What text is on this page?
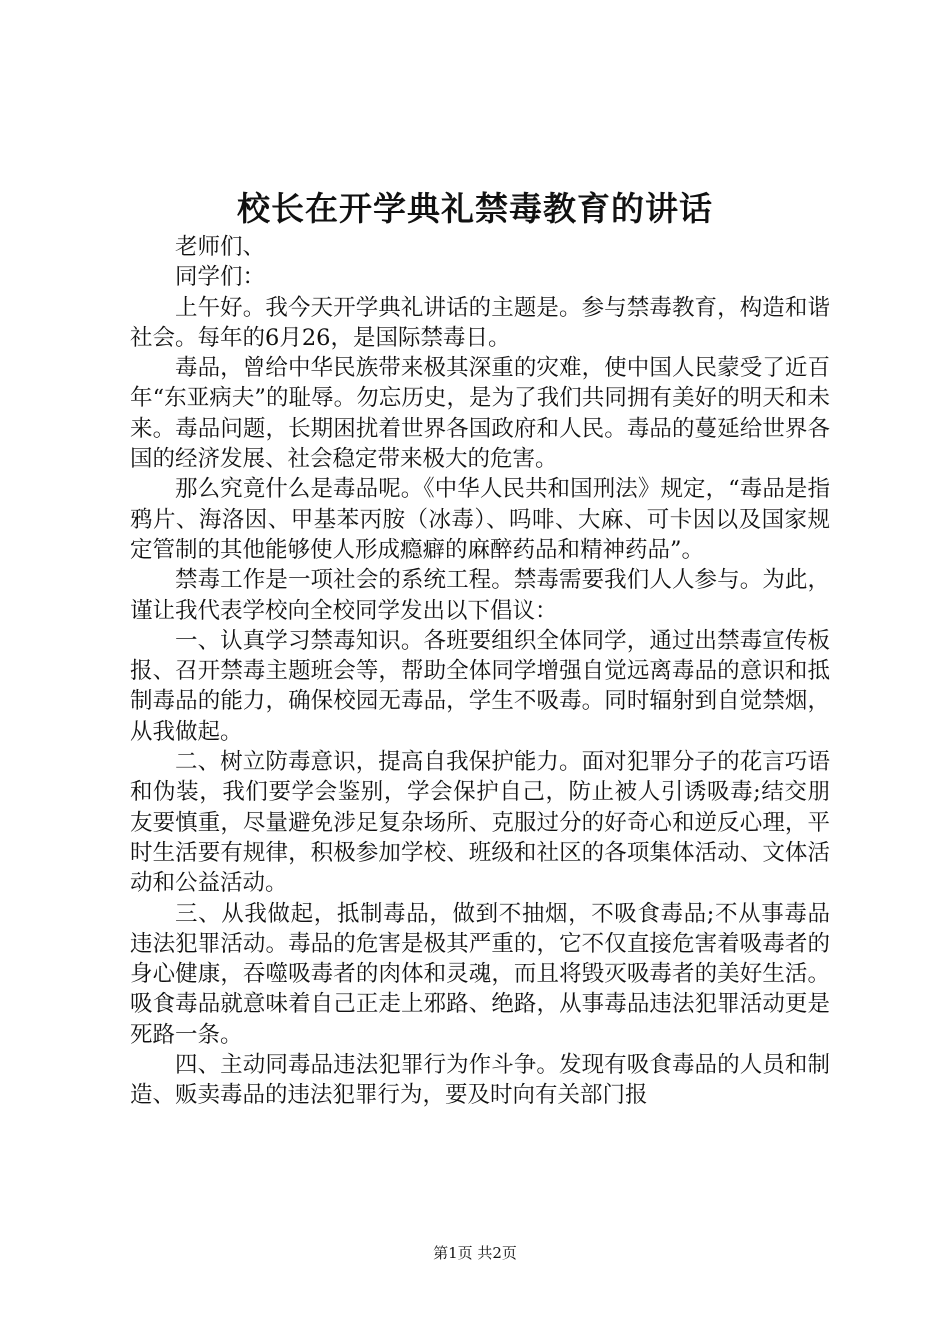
校长在开学典礼禁毒教育的讲话

老师们、

同学们：

上午好。我今天开学典礼讲话的主题是。参与禁毒教育，构造和谐社会。每年的6月26，是国际禁毒日。

毒品，曾给中华民族带来极其深重的灾难，使中国人民蒙受了近百年“东亚病夫”的耻辱。勿忘历史，是为了我们共同拥有美好的明天和未来。毒品问题，长期困扰着世界各国政府和人民。毒品的蔓延给世界各国的经济发展、社会稳定带来极大的危害。

那么究竟什么是毒品呢。《中华人民共和国刑法》规定，“毒品是指鸦片、海洛因、甲基苯丙胺（冰毒）、吗啡、大麻、可卡因以及国家规定管制的其他能够使人形成瘾癖的麻醉药品和精神药品”。

禁毒工作是一项社会的系统工程。禁毒需要我们人人参与。为此，谨让我代表学校向全校同学发出以下倡议：

一、认真学习禁毒知识。各班要组织全体同学，通过出禁毒宣传板报、召开禁毒主题班会等，帮助全体同学增强自觉远离毒品的意识和抵制毒品的能力，确保校园无毒品，学生不吸毒。同时辐射到自觉禁烟，从我做起。

二、树立防毒意识，提高自我保护能力。面对犯罪分子的花言巧语和伪装，我们要学会鉴别，学会保护自己，防止被人引诱吸毒;结交朋友要慎重，尽量避免涉足复杂场所、克服过分的好奇心和逆反心理，平时生活要有规律，积极参加学校、班级和社区的各项集体活动、文体活动和公益活动。

三、从我做起，抵制毒品，做到不抽烟，不吸食毒品;不从事毒品违法犯罪活动。毒品的危害是极其严重的，它不仅直接危害着吸毒者的身心健康，吞噬吸毒者的肉体和灵魂，而且将毁灭吸毒者的美好生活。吸食毒品就意味着自己正走上邪路、绝路，从事毒品违法犯罪活动更是死路一条。

四、主动同毒品违法犯罪行为作斗争。发现有吸食毒品的人员和制造、贩卖毒品的违法犯罪行为，要及时向有关部门报

第1页 共2页
